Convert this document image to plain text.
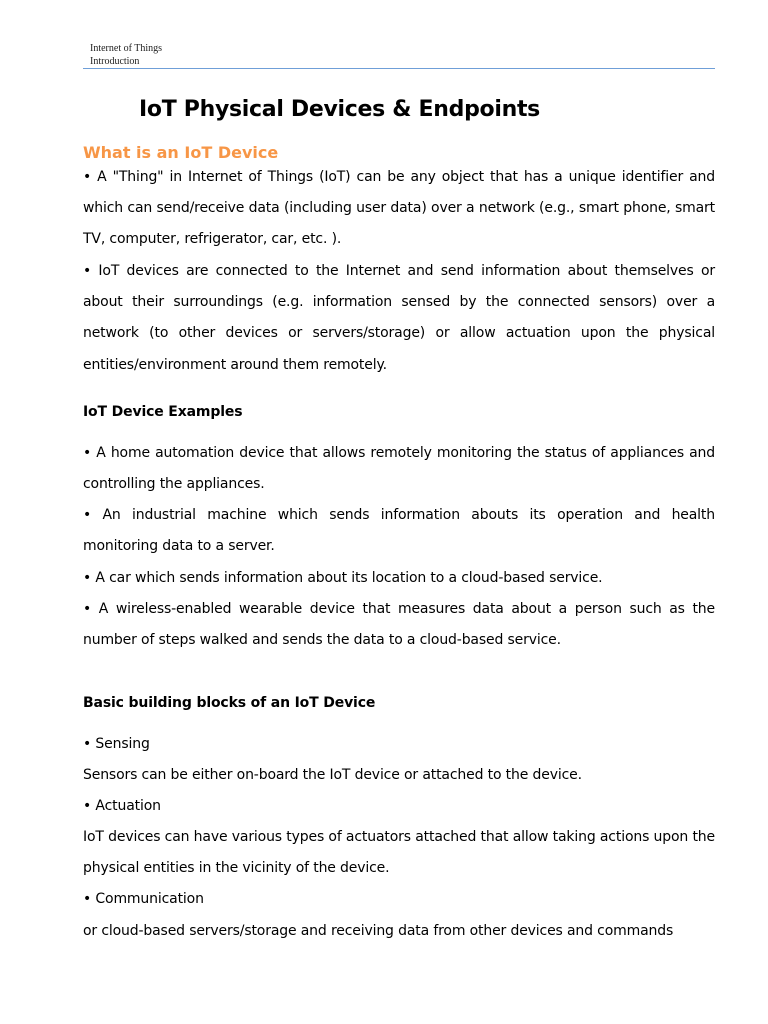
Internet of Things
Introduction
IoT Physical Devices & Endpoints
What is an IoT Device

• A "Thing" in Internet of Things (IoT) can be any object that has a unique identifier and which can send/receive data (including user data) over a network (e.g., smart phone, smart TV, computer, refrigerator, car, etc. ).

• IoT devices are connected to the Internet and send information about themselves or about their surroundings (e.g. information sensed by the connected sensors) over a network (to other devices or servers/storage) or allow actuation upon the physical entities/environment around them remotely.

IoT Device Examples

• A home automation device that allows remotely monitoring the status of appliances and controlling the appliances.

• An industrial machine which sends information abouts its operation and health monitoring data to a server.

• A car which sends information about its location to a cloud-based service.

• A wireless-enabled wearable device that measures data about a person such as the number of steps walked and sends the data to a cloud-based service.

Basic building blocks of an IoT Device

• Sensing

Sensors can be either on-board the IoT device or attached to the device.

• Actuation

IoT devices can have various types of actuators attached that allow taking actions upon the physical entities in the vicinity of the device.

• Communication

or cloud-based servers/storage and receiving data from other devices and commands
